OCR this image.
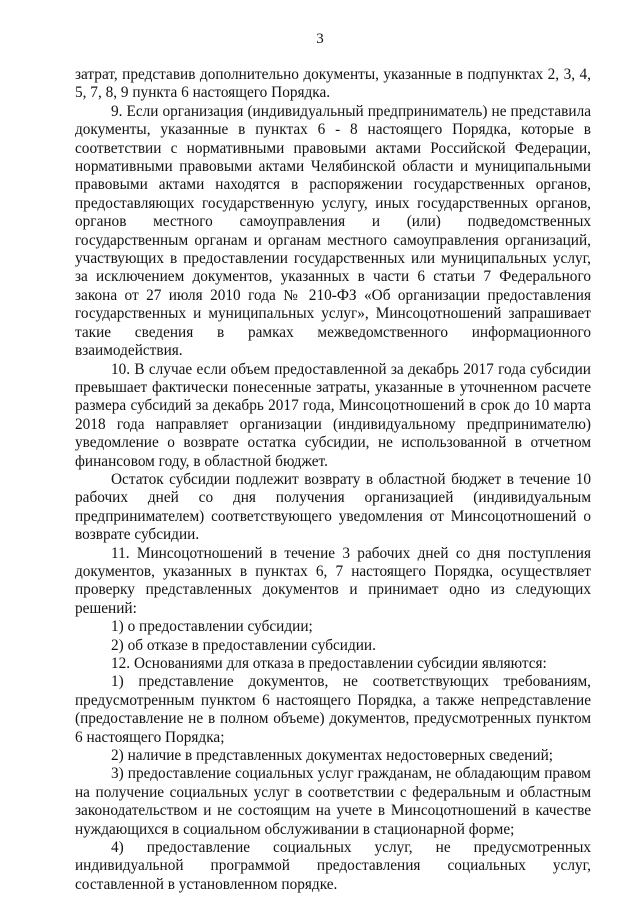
3

затрат, представив дополнительно документы, указанные в подпунктах 2, 3, 4, 5, 7, 8, 9 пункта 6 настоящего Порядка.

9. Если организация (индивидуальный предприниматель) не представила документы, указанные в пунктах 6 - 8 настоящего Порядка, которые в соответствии с нормативными правовыми актами Российской Федерации, нормативными правовыми актами Челябинской области и муниципальными правовыми актами находятся в распоряжении государственных органов, предоставляющих государственную услугу, иных государственных органов, органов местного самоуправления и (или) подведомственных государственным органам и органам местного самоуправления организаций, участвующих в предоставлении государственных или муниципальных услуг, за исключением документов, указанных в части 6 статьи 7 Федерального закона от 27 июля 2010 года № 210-ФЗ «Об организации предоставления государственных и муниципальных услуг», Минсоцотношений запрашивает такие сведения в рамках межведомственного информационного взаимодействия.

10. В случае если объем предоставленной за декабрь 2017 года субсидии превышает фактически понесенные затраты, указанные в уточненном расчете размера субсидий за декабрь 2017 года, Минсоцотношений в срок до 10 марта 2018 года направляет организации (индивидуальному предпринимателю) уведомление о возврате остатка субсидии, не использованной в отчетном финансовом году, в областной бюджет.

Остаток субсидии подлежит возврату в областной бюджет в течение 10 рабочих дней со дня получения организацией (индивидуальным предпринимателем) соответствующего уведомления от Минсоцотношений о возврате субсидии.

11. Минсоцотношений в течение 3 рабочих дней со дня поступления документов, указанных в пунктах 6, 7 настоящего Порядка, осуществляет проверку представленных документов и принимает одно из следующих решений:

1) о предоставлении субсидии;

2) об отказе в предоставлении субсидии.

12. Основаниями для отказа в предоставлении субсидии являются:

1) представление документов, не соответствующих требованиям, предусмотренным пунктом 6 настоящего Порядка, а также непредставление (предоставление не в полном объеме) документов, предусмотренных пунктом 6 настоящего Порядка;

2) наличие в представленных документах недостоверных сведений;

3) предоставление социальных услуг гражданам, не обладающим правом на получение социальных услуг в соответствии с федеральным и областным законодательством и не состоящим на учете в Минсоцотношений в качестве нуждающихся в социальном обслуживании в стационарной форме;

4) предоставление социальных услуг, не предусмотренных индивидуальной программой предоставления социальных услуг, составленной в установленном порядке.
